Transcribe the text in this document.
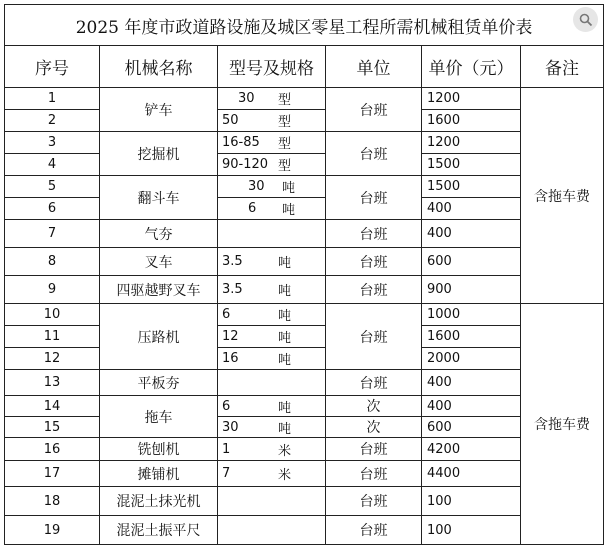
2025 年度市政道路设施及城区零星工程所需机械租赁单价表					
序号	机械名称	型号及规格	单位	单价（元）	备注
1	铲车	30 型	台班	1200	含拖车费
2		50 型		1600	
3	挖掘机	16-85 型	台班	1200	
4		90-120 型		1500	
5	翻斗车	30 吨	台班	1500	
6		6 吨		400	
7	气夯		台班	400	
8	叉车	3.5 吨	台班	600	
9	四驱越野叉车	3.5 吨	台班	900	
10	压路机	6 吨	台班	1000	含拖车费
11		12 吨		1600	
12		16 吨		2000	
13	平板夯		台班	400	
14	拖车	6 吨	次	400	
15		30 吨	次	600	
16	铣刨机	1 米	台班	4200	
17	摊铺机	7 米	台班	4400	
18	混泥土抹光机		台班	100	
19	混泥土振平尺		台班	100	
